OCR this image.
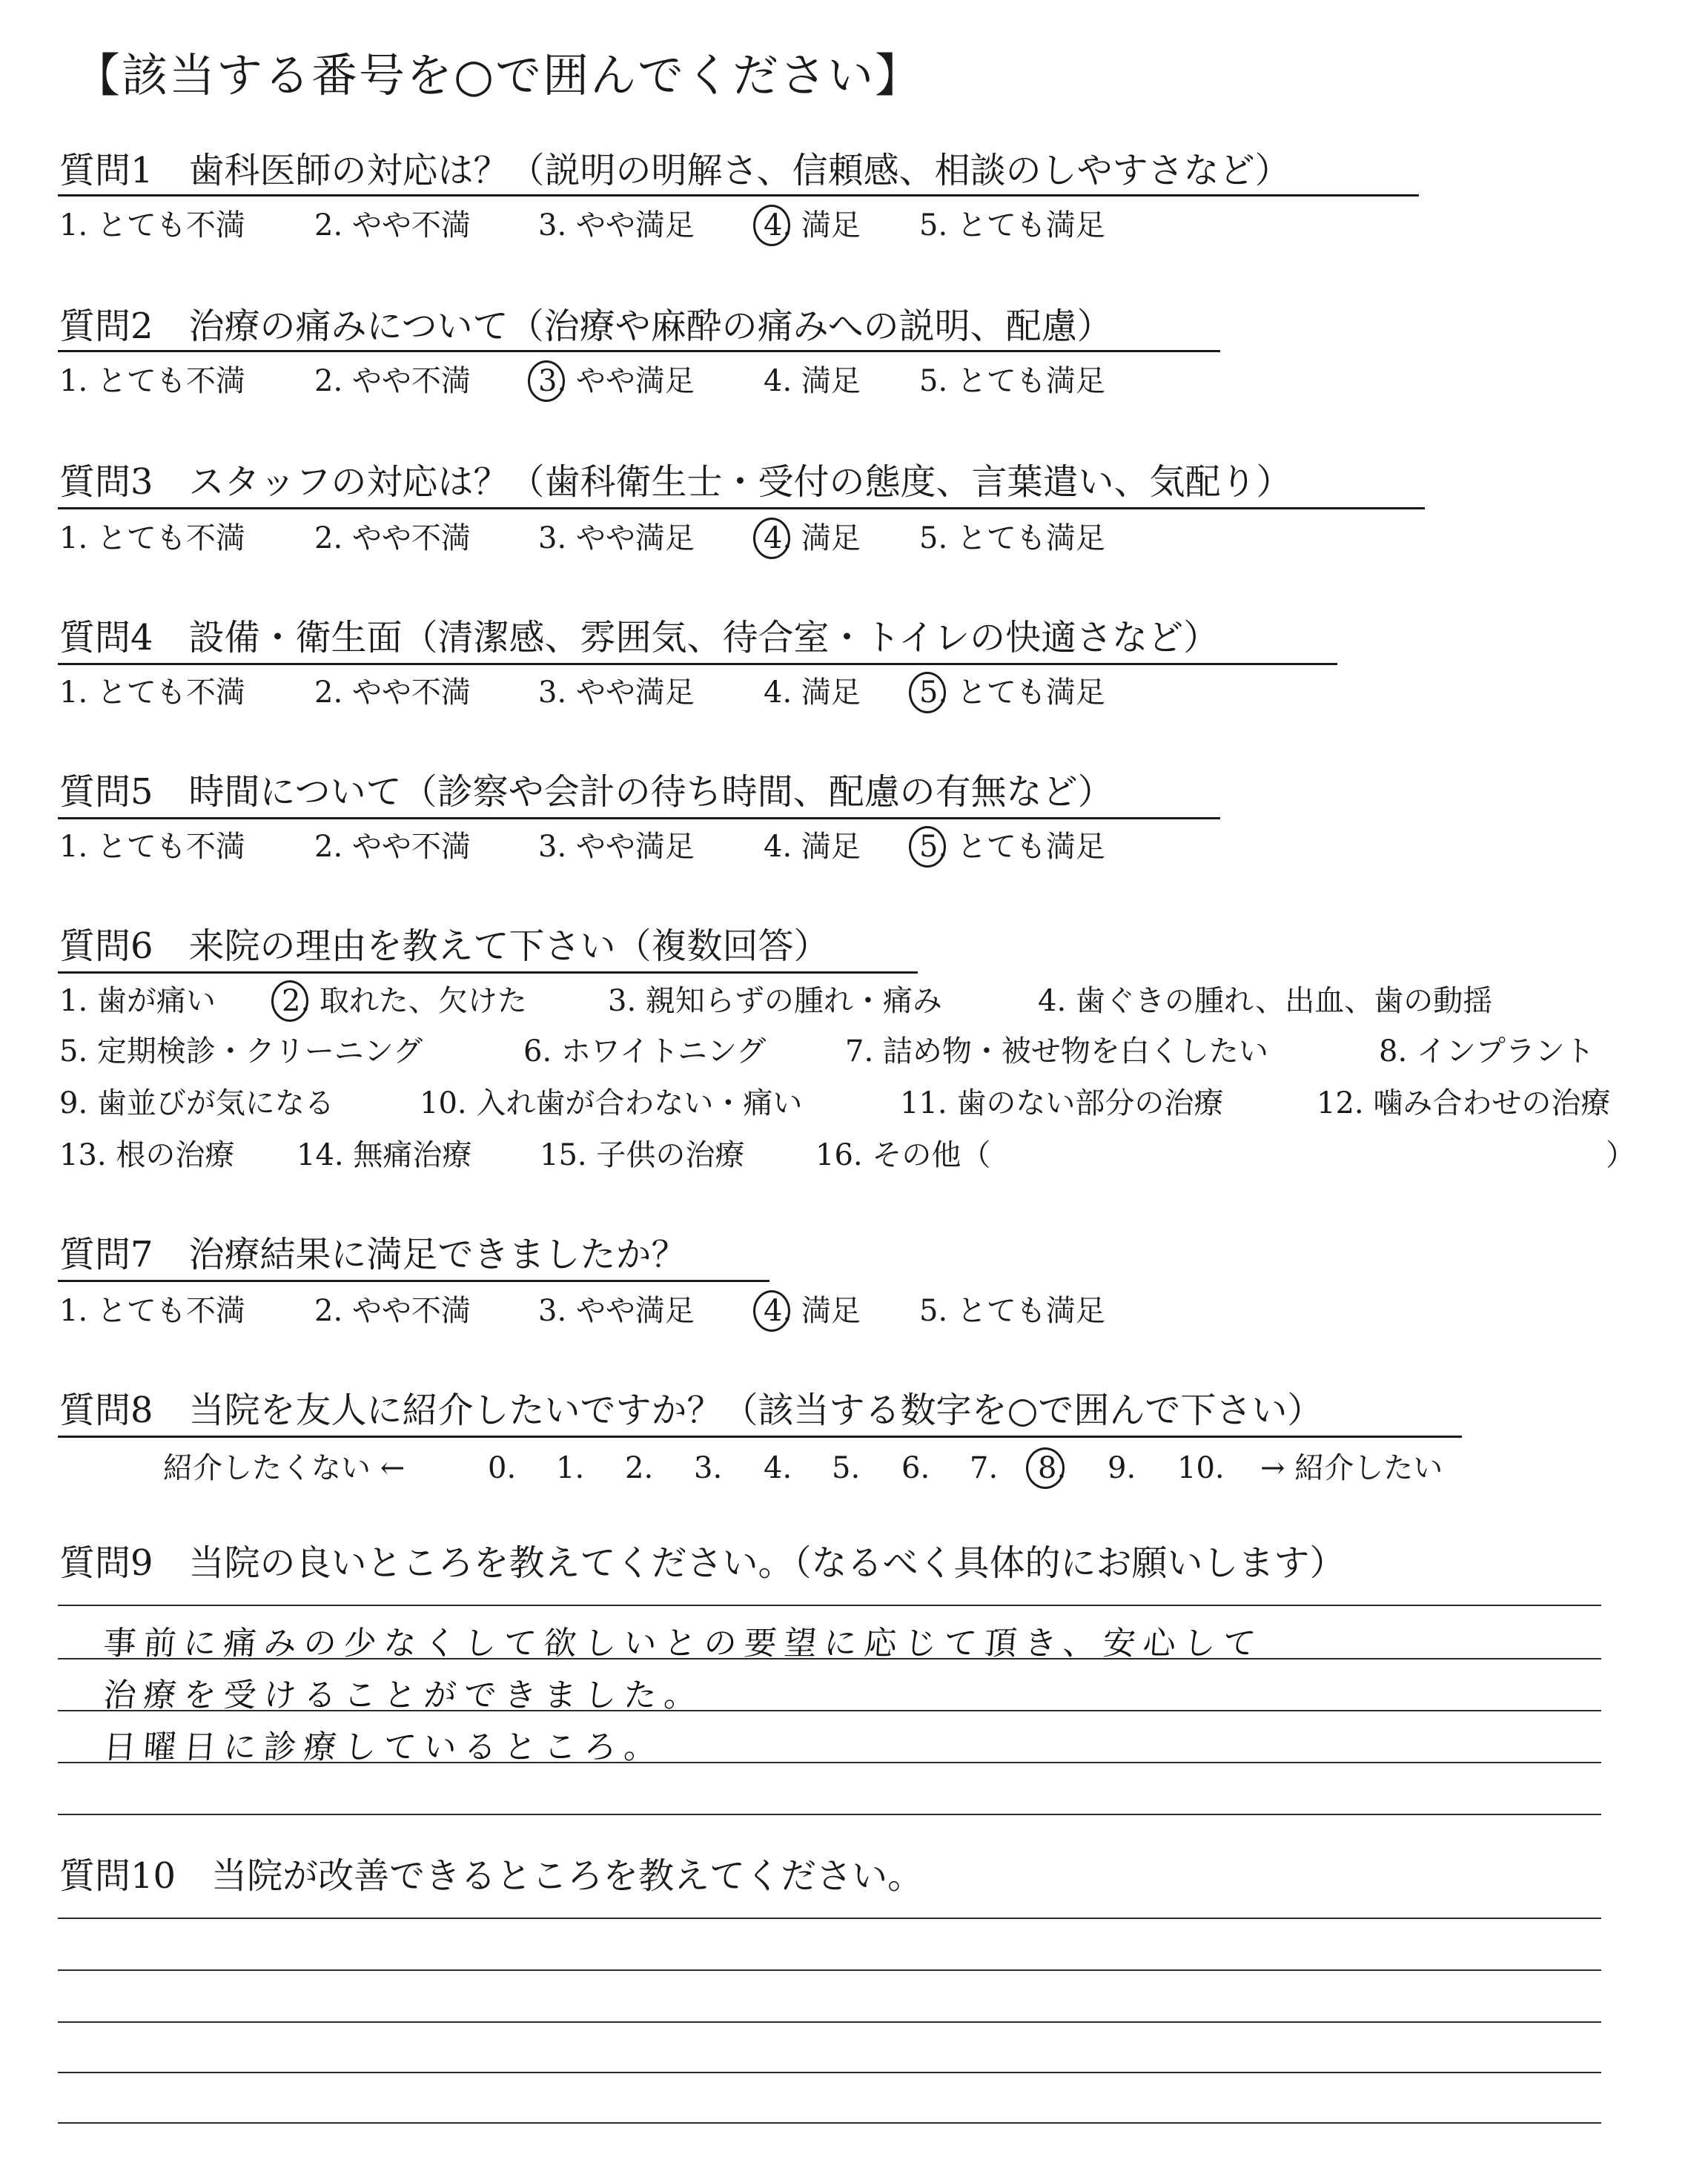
【該当する番号を○で囲んでください】
質問1　歯科医師の対応は？（説明の明解さ、信頼感、相談のしやすさなど）
1. とても不満 2. やや不満 3. やや満足 4. 満足 5. とても満足
質問2　治療の痛みについて（治療や麻酔の痛みへの説明、配慮）
1. とても不満 2. やや不満 3. やや満足 4. 満足 5. とても満足
質問3　スタッフの対応は？（歯科衛生士・受付の態度、言葉遣い、気配り）
1. とても不満 2. やや不満 3. やや満足 4. 満足 5. とても満足
質問4　設備・衛生面（清潔感、雰囲気、待合室・トイレの快適さなど）
1. とても不満 2. やや不満 3. やや満足 4. 満足 5. とても満足
質問5　時間について（診察や会計の待ち時間、配慮の有無など）
1. とても不満 2. やや不満 3. やや満足 4. 満足 5. とても満足
質問6　来院の理由を教えて下さい（複数回答）
1. 歯が痛い 2. 取れた、欠けた	3. 親知らずの腫れ・痛み	4. 歯ぐきの腫れ、出血、歯の動揺
5. 定期検診・クリーニング	6. ホワイトニング	7. 詰め物・被せ物を白くしたい	8. インプラント
9. 歯並びが気になる	10. 入れ歯が合わない・痛い	11. 歯のない部分の治療	12. 噛み合わせの治療
13. 根の治療 14. 無痛治療 15. 子供の治療 16. その他（	）
質問7　治療結果に満足できましたか？
1. とても不満 2. やや不満 3. やや満足 4. 満足 5. とても満足
質問8　当院を友人に紹介したいですか？（該当する数字を○で囲んで下さい）
紹介したくない ←	0. 1. 2. 3. 4. 5. 6. 7. 8. 9. 10. → 紹介したい
質問9　当院の良いところを教えてください。（なるべく具体的にお願いします）
事前に痛みの少なくして欲しいとの要望に応じて頂き、安心して
治療を受けることができました。
日曜日に診療しているところ。
質問10　当院が改善できるところを教えてください。
